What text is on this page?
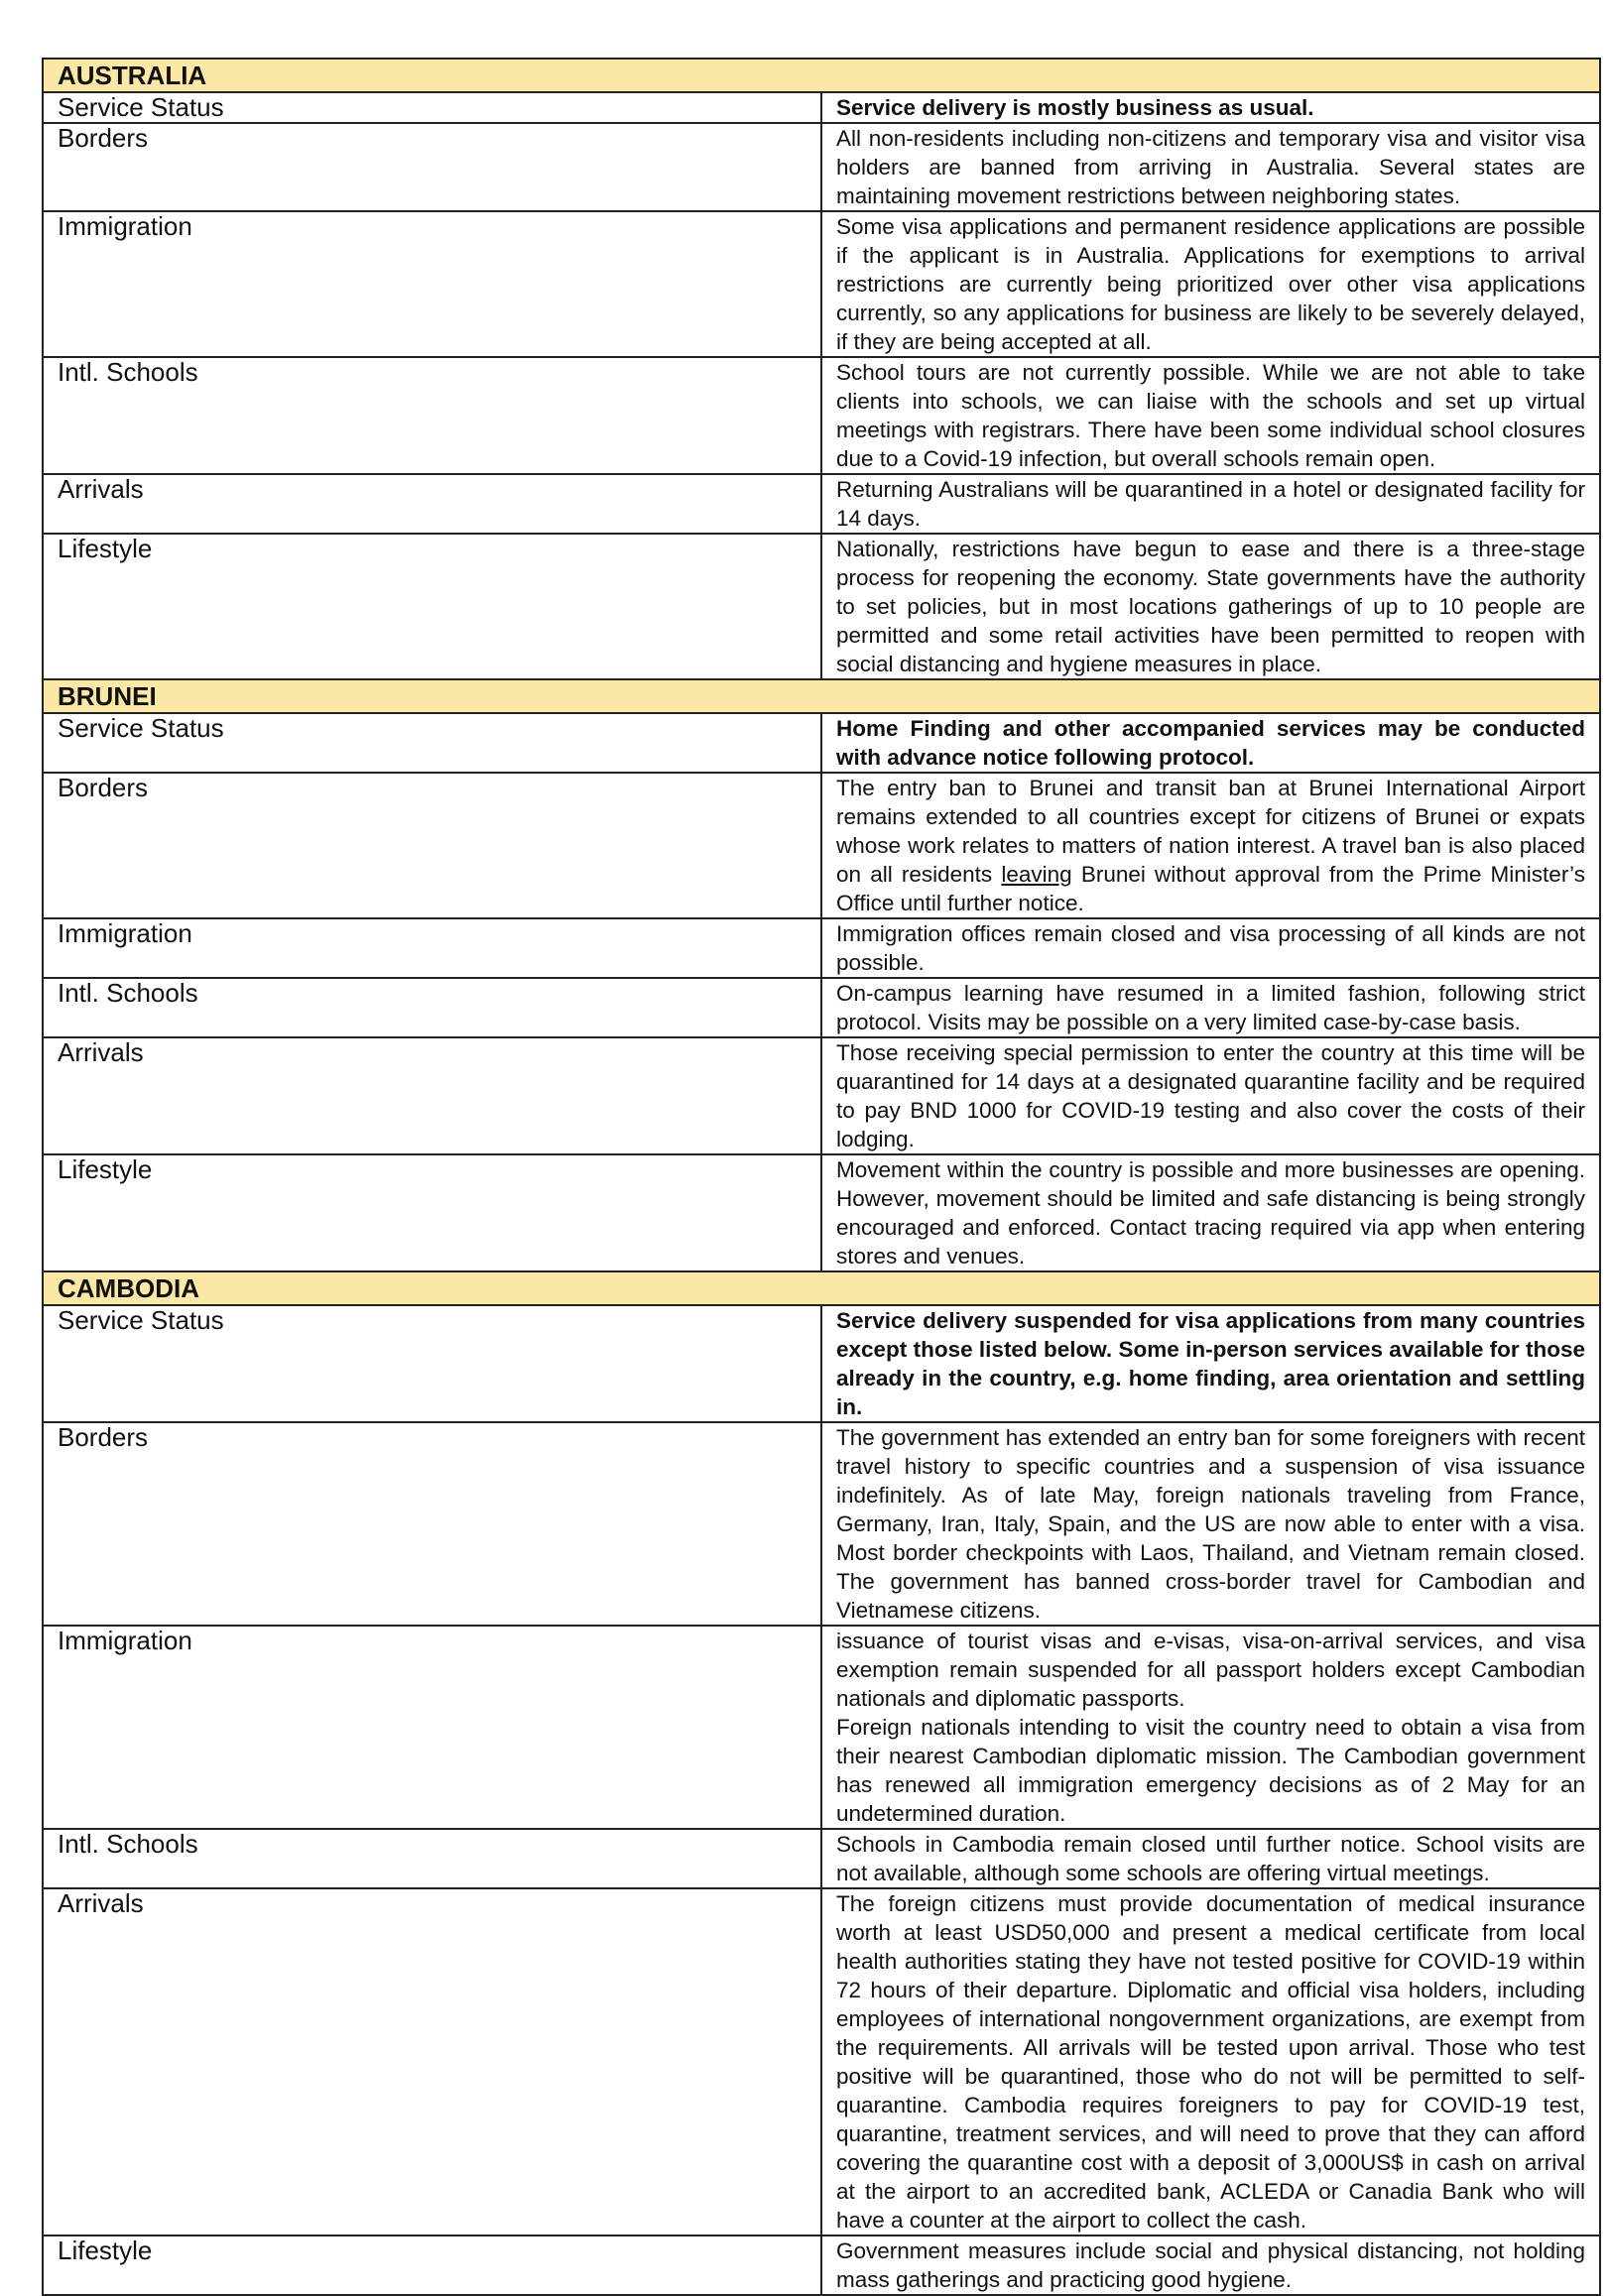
AUSTRALIA	
Service Status	Service delivery is mostly business as usual.

Borders	All non-residents including non-citizens and temporary visa and visitor visa holders are banned from arriving in Australia. Several states are maintaining movement restrictions between neighboring states.

Immigration	Some visa applications and permanent residence applications are possible if the applicant is in Australia. Applications for exemptions to arrival restrictions are currently being prioritized over other visa applications currently, so any applications for business are likely to be severely delayed, if they are being accepted at all.

Intl. Schools	School tours are not currently possible. While we are not able to take clients into schools, we can liaise with the schools and set up virtual meetings with registrars. There have been some individual school closures due to a Covid-19 infection, but overall schools remain open.

Arrivals	Returning Australians will be quarantined in a hotel or designated facility for 14 days.

Lifestyle	Nationally, restrictions have begun to ease and there is a three-stage process for reopening the economy. State governments have the authority to set policies, but in most locations gatherings of up to 10 people are permitted and some retail activities have been permitted to reopen with social distancing and hygiene measures in place.

BRUNEI	
Service Status	Home Finding and other accompanied services may be conducted with advance notice following protocol.

Borders	The entry ban to Brunei and transit ban at Brunei International Airport remains extended to all countries except for citizens of Brunei or expats whose work relates to matters of nation interest. A travel ban is also placed on all residents leaving Brunei without approval from the Prime Minister’s Office until further notice.

Immigration	Immigration offices remain closed and visa processing of all kinds are not possible.

Intl. Schools	On-campus learning have resumed in a limited fashion, following strict protocol. Visits may be possible on a very limited case-by-case basis.

Arrivals	Those receiving special permission to enter the country at this time will be quarantined for 14 days at a designated quarantine facility and be required to pay BND 1000 for COVID-19 testing and also cover the costs of their lodging.

Lifestyle	Movement within the country is possible and more businesses are opening. However, movement should be limited and safe distancing is being strongly encouraged and enforced. Contact tracing required via app when entering stores and venues.

CAMBODIA	
Service Status	Service delivery suspended for visa applications from many countries except those listed below. Some in-person services available for those already in the country, e.g. home finding, area orientation and settling in.

Borders	The government has extended an entry ban for some foreigners with recent travel history to specific countries and a suspension of visa issuance indefinitely. As of late May, foreign nationals traveling from France, Germany, Iran, Italy, Spain, and the US are now able to enter with a visa. Most border checkpoints with Laos, Thailand, and Vietnam remain closed. The government has banned cross-border travel for Cambodian and Vietnamese citizens.

Immigration	issuance of tourist visas and e-visas, visa-on-arrival services, and visa exemption remain suspended for all passport holders except Cambodian nationals and diplomatic passports.
Foreign nationals intending to visit the country need to obtain a visa from their nearest Cambodian diplomatic mission. The Cambodian government has renewed all immigration emergency decisions as of 2 May for an undetermined duration.

Intl. Schools	Schools in Cambodia remain closed until further notice. School visits are not available, although some schools are offering virtual meetings.

Arrivals	The foreign citizens must provide documentation of medical insurance worth at least USD50,000 and present a medical certificate from local health authorities stating they have not tested positive for COVID-19 within 72 hours of their departure. Diplomatic and official visa holders, including employees of international nongovernment organizations, are exempt from the requirements. All arrivals will be tested upon arrival. Those who test positive will be quarantined, those who do not will be permitted to self-quarantine. Cambodia requires foreigners to pay for COVID-19 test, quarantine, treatment services, and will need to prove that they can afford covering the quarantine cost with a deposit of 3,000US$ in cash on arrival at the airport to an accredited bank, ACLEDA or Canadia Bank who will have a counter at the airport to collect the cash.

Lifestyle	Government measures include social and physical distancing, not holding mass gatherings and practicing good hygiene.
